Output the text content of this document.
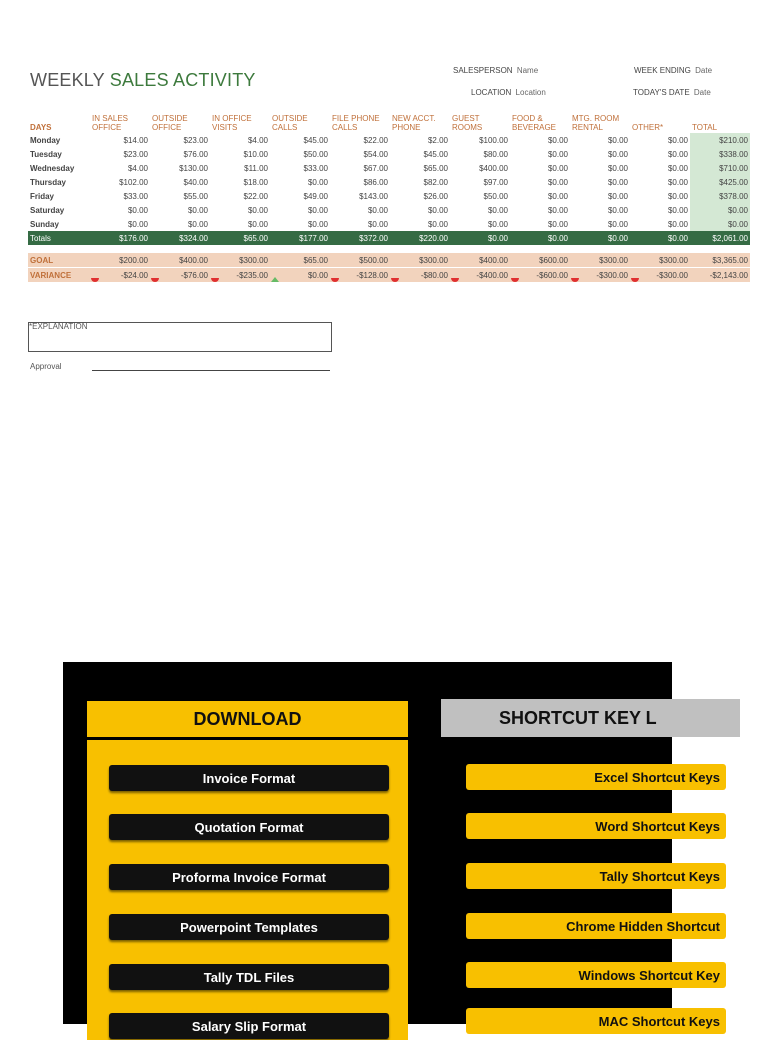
WEEKLY SALES ACTIVITY	SALESPERSON Name	WEEK ENDING Date
LOCATION Location	TODAY'S DATE Date
DAYS	IN SALES OFFICE	OUTSIDE OFFICE	IN OFFICE VISITS	OUTSIDE CALLS	FILE PHONE CALLS	NEW ACCT. PHONE	GUEST ROOMS	FOOD & BEVERAGE	MTG. ROOM RENTAL	OTHER*	TOTAL
Monday	$14.00	$23.00	$4.00	$45.00	$22.00	$2.00	$100.00	$0.00	$0.00	$0.00	$210.00
Tuesday	$23.00	$76.00	$10.00	$50.00	$54.00	$45.00	$80.00	$0.00	$0.00	$0.00	$338.00
Wednesday	$4.00	$130.00	$11.00	$33.00	$67.00	$65.00	$400.00	$0.00	$0.00	$0.00	$710.00
Thursday	$102.00	$40.00	$18.00	$0.00	$86.00	$82.00	$97.00	$0.00	$0.00	$0.00	$425.00
Friday	$33.00	$55.00	$22.00	$49.00	$143.00	$26.00	$50.00	$0.00	$0.00	$0.00	$378.00
Saturday	$0.00	$0.00	$0.00	$0.00	$0.00	$0.00	$0.00	$0.00	$0.00	$0.00	$0.00
Sunday	$0.00	$0.00	$0.00	$0.00	$0.00	$0.00	$0.00	$0.00	$0.00	$0.00	$0.00
Totals	$176.00	$324.00	$65.00	$177.00	$372.00	$220.00	$0.00	$0.00	$0.00	$0.00	$2,061.00

GOAL	$200.00	$400.00	$300.00	$65.00	$500.00	$300.00	$400.00	$600.00	$300.00	$300.00	$3,365.00
VARIANCE	-$24.00	-$76.00	-$235.00	$0.00	-$128.00	-$80.00	-$400.00	-$600.00	-$300.00	-$300.00	-$2,143.00
*EXPLANATION
Approval
DOWNLOAD
Invoice Format
Quotation Format
Proforma Invoice Format
Powerpoint Templates
Tally TDL Files
Salary Slip Format
SHORTCUT KEY L
Excel Shortcut Keys
Word Shortcut Keys
Tally Shortcut Keys
Chrome Hidden Shortcut
Windows Shortcut Key
MAC Shortcut Keys
